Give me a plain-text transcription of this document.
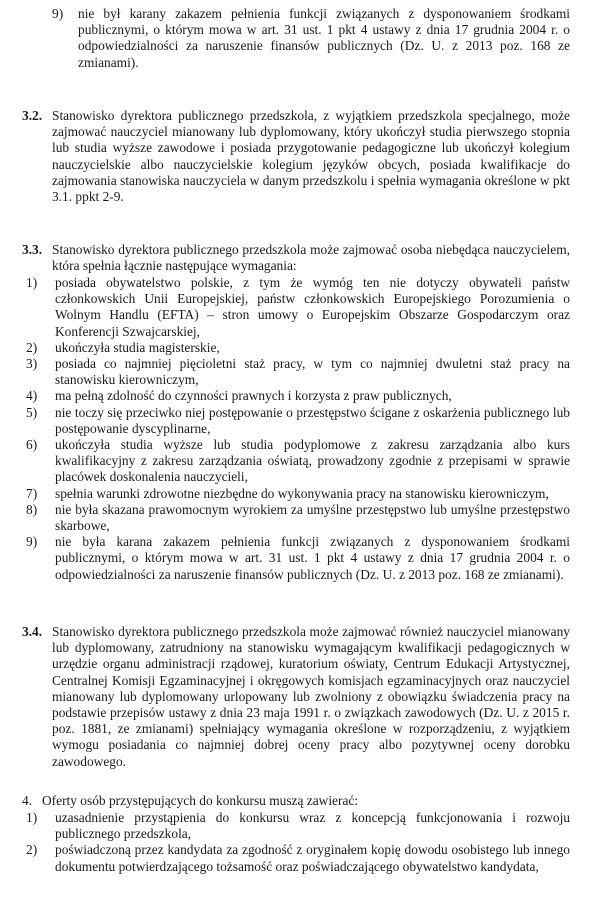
9) nie był karany zakazem pełnienia funkcji związanych z dysponowaniem środkami publicznymi, o którym mowa w art. 31 ust. 1 pkt 4 ustawy z dnia 17 grudnia 2004 r. o odpowiedzialności za naruszenie finansów publicznych (Dz. U. z 2013 poz. 168 ze zmianami).

3.2. Stanowisko dyrektora publicznego przedszkola, z wyjątkiem przedszkola specjalnego, może zajmować nauczyciel mianowany lub dyplomowany, który ukończył studia pierwszego stopnia lub studia wyższe zawodowe i posiada przygotowanie pedagogiczne lub ukończył kolegium nauczycielskie albo nauczycielskie kolegium języków obcych, posiada kwalifikacje do zajmowania stanowiska nauczyciela w danym przedszkolu i spełnia wymagania określone w pkt 3.1. ppkt 2-9.

3.3. Stanowisko dyrektora publicznego przedszkola może zajmować osoba niebędąca nauczycielem, która spełnia łącznie następujące wymagania:

1) posiada obywatelstwo polskie, z tym że wymóg ten nie dotyczy obywateli państw członkowskich Unii Europejskiej, państw członkowskich Europejskiego Porozumienia o Wolnym Handlu (EFTA) – stron umowy o Europejskim Obszarze Gospodarczym oraz Konferencji Szwajcarskiej,

2) ukończyła studia magisterskie,

3) posiada co najmniej pięcioletni staż pracy, w tym co najmniej dwuletni staż pracy na stanowisku kierowniczym,

4) ma pełną zdolność do czynności prawnych i korzysta z praw publicznych,

5) nie toczy się przeciwko niej postępowanie o przestępstwo ścigane z oskarżenia publicznego lub postępowanie dyscyplinarne,

6) ukończyła studia wyższe lub studia podyplomowe z zakresu zarządzania albo kurs kwalifikacyjny z zakresu zarządzania oświatą, prowadzony zgodnie z przepisami w sprawie placówek doskonalenia nauczycieli,

7) spełnia warunki zdrowotne niezbędne do wykonywania pracy na stanowisku kierowniczym,

8) nie była skazana prawomocnym wyrokiem za umyślne przestępstwo lub umyślne przestępstwo skarbowe,

9) nie była karana zakazem pełnienia funkcji związanych z dysponowaniem środkami publicznymi, o którym mowa w art. 31 ust. 1 pkt 4 ustawy z dnia 17 grudnia 2004 r. o odpowiedzialności za naruszenie finansów publicznych (Dz. U. z 2013 poz. 168 ze zmianami).

3.4. Stanowisko dyrektora publicznego przedszkola może zajmować również nauczyciel mianowany lub dyplomowany, zatrudniony na stanowisku wymagającym kwalifikacji pedagogicznych w urzędzie organu administracji rządowej, kuratorium oświaty, Centrum Edukacji Artystycznej, Centralnej Komisji Egzaminacyjnej i okręgowych komisjach egzaminacyjnych oraz nauczyciel mianowany lub dyplomowany urlopowany lub zwolniony z obowiązku świadczenia pracy na podstawie przepisów ustawy z dnia 23 maja 1991 r. o związkach zawodowych (Dz. U. z 2015 r. poz. 1881, ze zmianami) spełniający wymagania określone w rozporządzeniu, z wyjątkiem wymogu posiadania co najmniej dobrej oceny pracy albo pozytywnej oceny dorobku zawodowego.

4. Oferty osób przystępujących do konkursu muszą zawierać:

1) uzasadnienie przystąpienia do konkursu wraz z koncepcją funkcjonowania i rozwoju publicznego przedszkola,

2) poświadczoną przez kandydata za zgodność z oryginałem kopię dowodu osobistego lub innego dokumentu potwierdzającego tożsamość oraz poświadczającego obywatelstwo kandydata,
